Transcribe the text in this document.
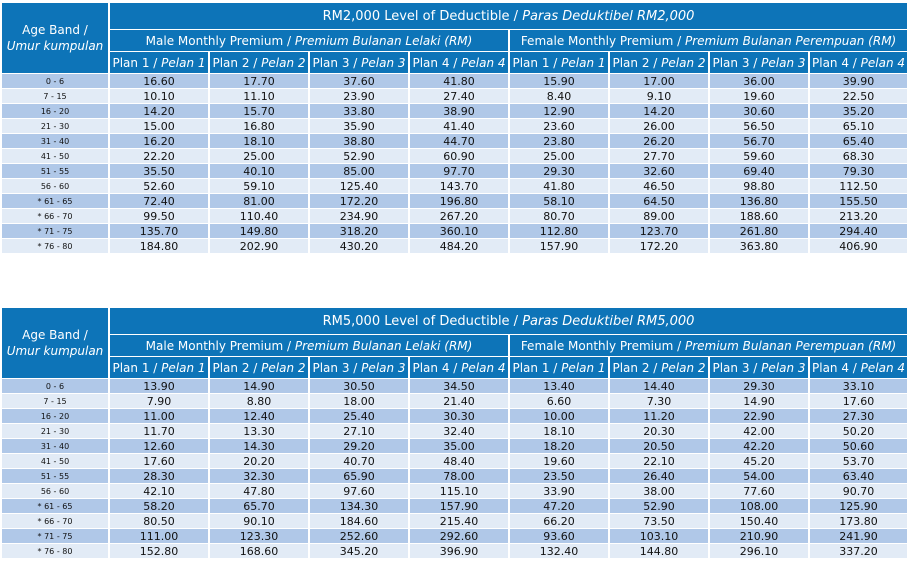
Age Band /
Umur kumpulan	RM2,000 Level of Deductible / Paras Deduktibel RM2,000							
	Male Monthly Premium / Premium Bulanan Lelaki (RM)				Female Monthly Premium / Premium Bulanan Perempuan (RM)			
	Plan 1 / Pelan 1	Plan 2 / Pelan 2	Plan 3 / Pelan 3	Plan 4 / Pelan 4	Plan 1 / Pelan 1	Plan 2 / Pelan 2	Plan 3 / Pelan 3	Plan 4 / Pelan 4
0 - 6	16.60	17.70	37.60	41.80	15.90	17.00	36.00	39.90
7 - 15	10.10	11.10	23.90	27.40	8.40	9.10	19.60	22.50
16 - 20	14.20	15.70	33.80	38.90	12.90	14.20	30.60	35.20
21 - 30	15.00	16.80	35.90	41.40	23.60	26.00	56.50	65.10
31 - 40	16.20	18.10	38.80	44.70	23.80	26.20	56.70	65.40
41 - 50	22.20	25.00	52.90	60.90	25.00	27.70	59.60	68.30
51 - 55	35.50	40.10	85.00	97.70	29.30	32.60	69.40	79.30
56 - 60	52.60	59.10	125.40	143.70	41.80	46.50	98.80	112.50
* 61 - 65	72.40	81.00	172.20	196.80	58.10	64.50	136.80	155.50
* 66 - 70	99.50	110.40	234.90	267.20	80.70	89.00	188.60	213.20
* 71 - 75	135.70	149.80	318.20	360.10	112.80	123.70	261.80	294.40
* 76 - 80	184.80	202.90	430.20	484.20	157.90	172.20	363.80	406.90
Age Band /
Umur kumpulan	RM5,000 Level of Deductible / Paras Deduktibel RM5,000							
	Male Monthly Premium / Premium Bulanan Lelaki (RM)				Female Monthly Premium / Premium Bulanan Perempuan (RM)			
	Plan 1 / Pelan 1	Plan 2 / Pelan 2	Plan 3 / Pelan 3	Plan 4 / Pelan 4	Plan 1 / Pelan 1	Plan 2 / Pelan 2	Plan 3 / Pelan 3	Plan 4 / Pelan 4
0 - 6	13.90	14.90	30.50	34.50	13.40	14.40	29.30	33.10
7 - 15	7.90	8.80	18.00	21.40	6.60	7.30	14.90	17.60
16 - 20	11.00	12.40	25.40	30.30	10.00	11.20	22.90	27.30
21 - 30	11.70	13.30	27.10	32.40	18.10	20.30	42.00	50.20
31 - 40	12.60	14.30	29.20	35.00	18.20	20.50	42.20	50.60
41 - 50	17.60	20.20	40.70	48.40	19.60	22.10	45.20	53.70
51 - 55	28.30	32.30	65.90	78.00	23.50	26.40	54.00	63.40
56 - 60	42.10	47.80	97.60	115.10	33.90	38.00	77.60	90.70
* 61 - 65	58.20	65.70	134.30	157.90	47.20	52.90	108.00	125.90
* 66 - 70	80.50	90.10	184.60	215.40	66.20	73.50	150.40	173.80
* 71 - 75	111.00	123.30	252.60	292.60	93.60	103.10	210.90	241.90
* 76 - 80	152.80	168.60	345.20	396.90	132.40	144.80	296.10	337.20
